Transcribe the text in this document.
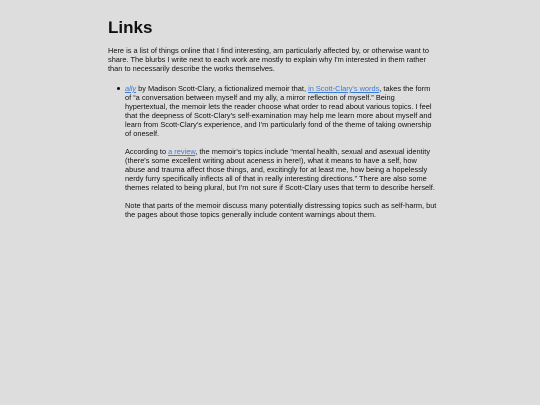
Links

Here is a list of things online that I find interesting, am particularly affected by, or otherwise want to share. The blurbs I write next to each work are mostly to explain why I'm interested in them rather than to necessarily describe the works themselves.

ally by Madison Scott-Clary, a fictionalized memoir that, in Scott-Clary's words, takes the form of “a conversation between myself and my ally, a mirror reflection of myself.” Being hypertextual, the memoir lets the reader choose what order to read about various topics. I feel that the deepness of Scott-Clary's self-examination may help me learn more about myself and learn from Scott-Clary's experience, and I'm particularly fond of the theme of taking ownership of oneself.

According to a review, the memoir's topics include “mental health, sexual and asexual identity (there's some excellent writing about aceness in here!), what it means to have a self, how abuse and trauma affect those things, and, excitingly for at least me, how being a hopelessly nerdy furry specifically inflects all of that in really interesting directions.” There are also some themes related to being plural, but I'm not sure if Scott-Clary uses that term to describe herself.

Note that parts of the memoir discuss many potentially distressing topics such as self-harm, but the pages about those topics generally include content warnings about them.
